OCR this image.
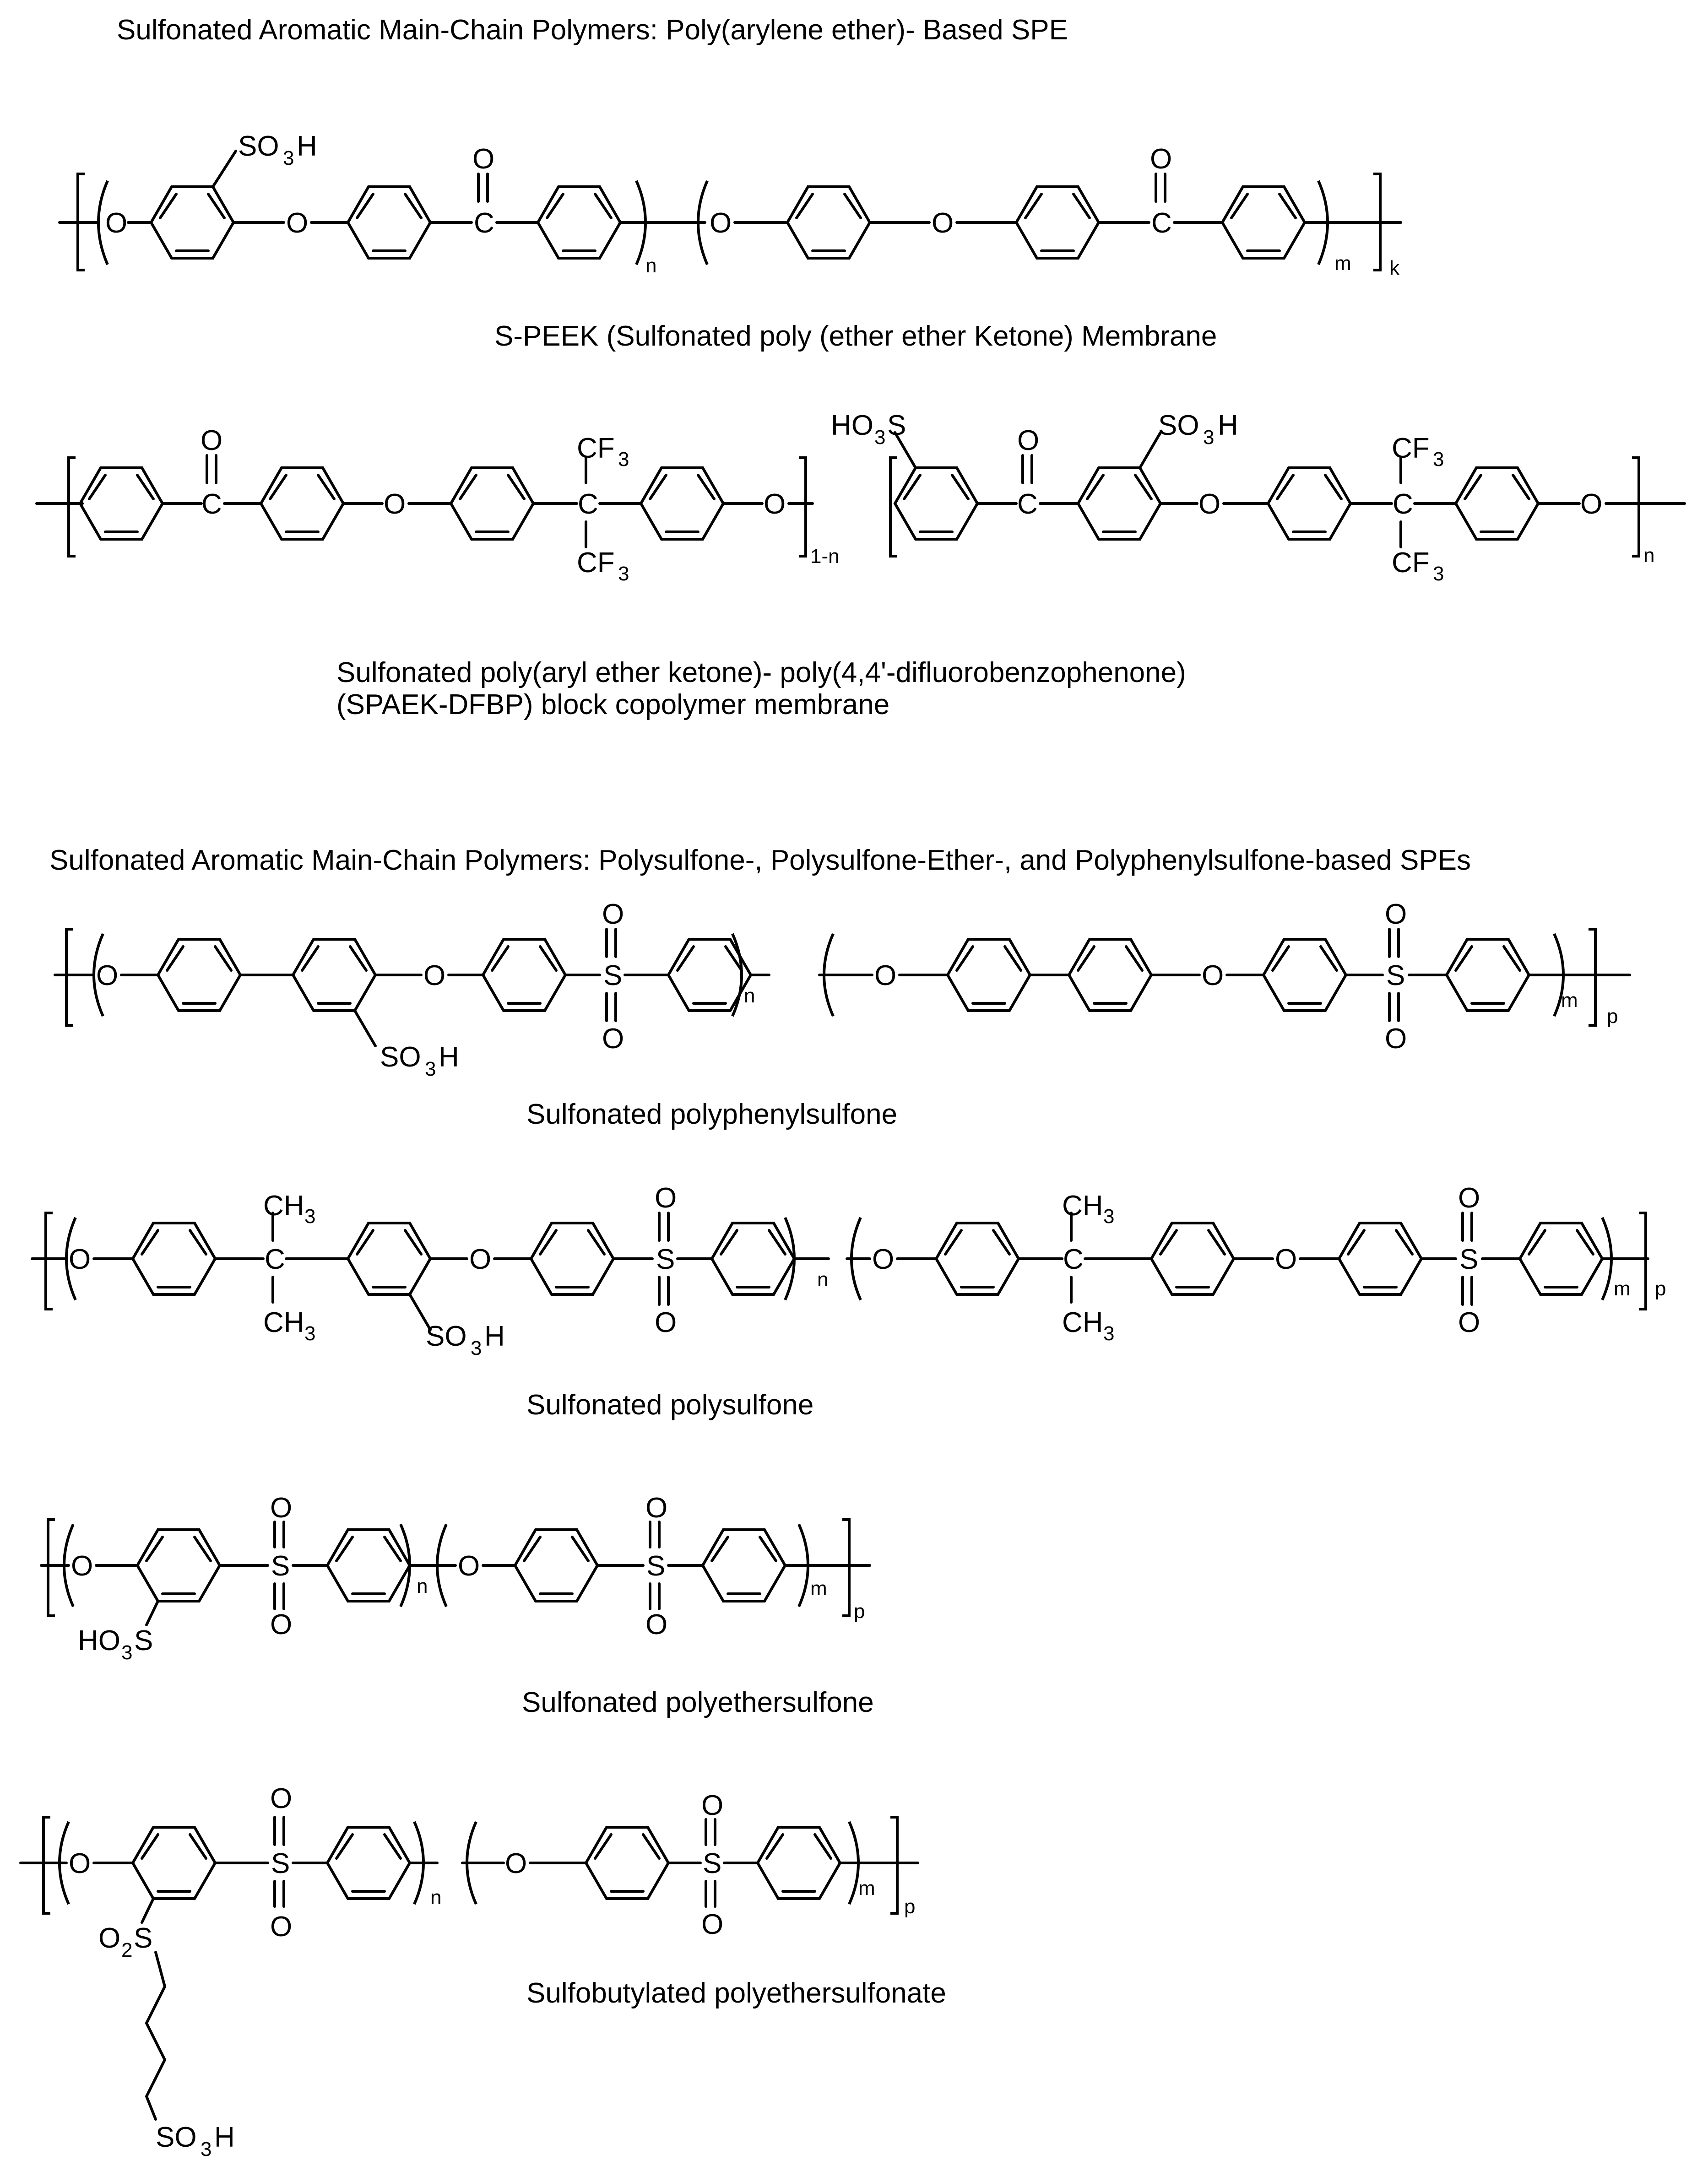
Sulfonated Aromatic Main-Chain Polymers: Poly(arylene ether)- Based SPE
Sulfonated Aromatic Main-Chain Polymers: Polysulfone-, Polysulfone-Ether-, and Polyphenylsulfone-based SPEs
O
SO 3 H
O	C
O
n
O	O	C
O
m k
S-PEEK (Sulfonated poly (ether ether Ketone) Membrane
C
O
O	C
CF 3
CF 3
O
1-n
HO 3 S
C
O	SO 3 H
O	C
CF 3
CF 3
O
n
Sulfonated poly(aryl ether ketone)- poly(4,4'-difluorobenzophenone)
(SPAEK-DFBP) block copolymer membrane
O
SO 3 H
O	S
O
O
n
O	O	S
O
O
m
p
Sulfonated polyphenylsulfone
O	C
CH 3
CH 3	SO 3 H
O	S
O
O
n
O	C
CH 3
CH 3
O	S
O
O
m p
Sulfonated polysulfone
O
HO 3 S
S
O
O
n
O	S
O
O
m
p
Sulfonated polyethersulfone
O
O 2 S
SO 3 H
S
O
O
n
O	S
O
O
m
p
Sulfobutylated polyethersulfonate
